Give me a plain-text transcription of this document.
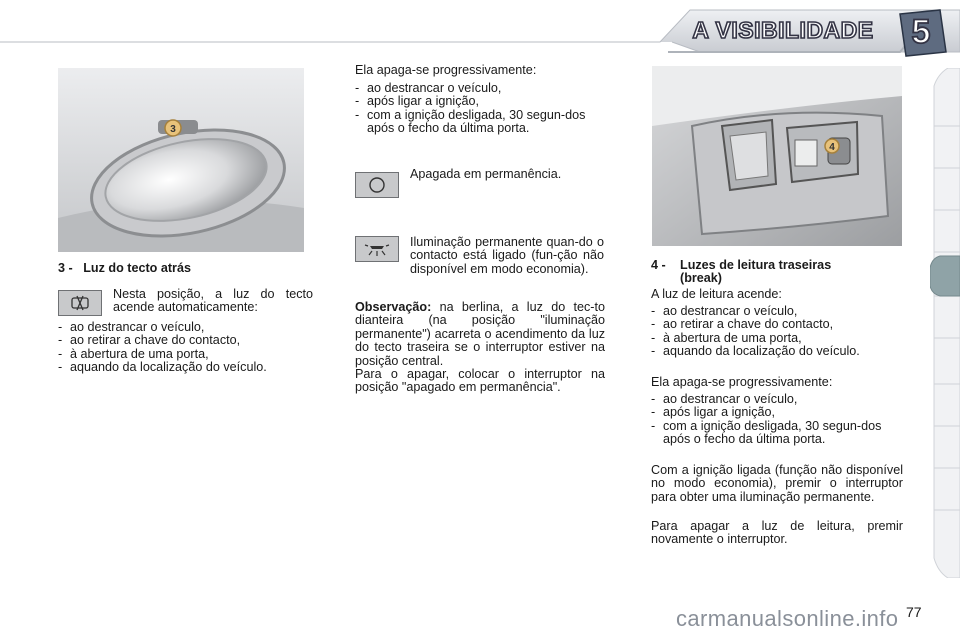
A VISIBILIDADE 5
3
3 - Luz do tecto atrás
Nesta posição, a luz do tecto acende automaticamente:
- ao destrancar o veículo,
- ao retirar a chave do contacto,
- à abertura de uma porta,
- aquando da localização do veículo.
Ela apaga-se progressivamente:
- ao destrancar o veículo,
- após ligar a ignição,
- com a ignição desligada, 30 segun-dos após o fecho da última porta.
Apagada em permanência.
Iluminação permanente quan-do o contacto está ligado (fun-ção não disponível em modo economia).
Observação: na berlina, a luz do tec-to dianteira (na posição "iluminação permanente") acarreta o acendimento da luz do tecto traseira se o interruptor estiver na posição central.
Para o apagar, colocar o interruptor na posição "apagado em permanência".
4
4 - Luzes de leitura traseiras (break)
A luz de leitura acende:
- ao destrancar o veículo,
- ao retirar a chave do contacto,
- à abertura de uma porta,
- aquando da localização do veículo.
Ela apaga-se progressivamente:
- ao destrancar o veículo,
- após ligar a ignição,
- com a ignição desligada, 30 segun-dos após o fecho da última porta.
Com a ignição ligada (função não disponível no modo economia), premir o interruptor para obter uma iluminação permanente.
Para apagar a luz de leitura, premir novamente o interruptor.
77
carmanualsonline.info
